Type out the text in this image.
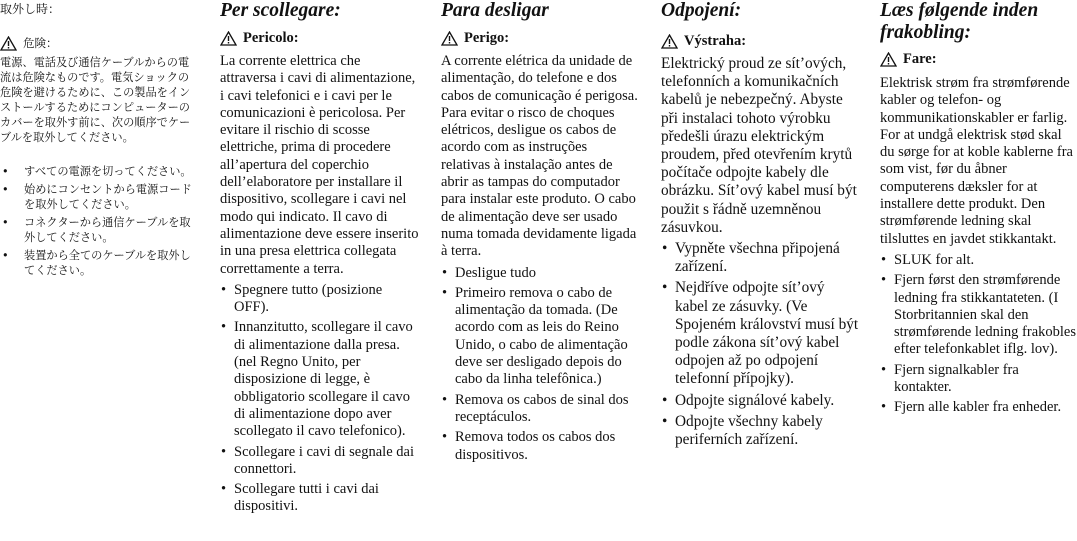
取外し時：
危険：
電源、電話及び通信ケーブルからの電流は危険なものです。電気ショックの危険を避けるために、この製品をインストールするためにコンピューターのカバーを取外す前に、次の順序でケーブルを取外してください。
• すべての電源を切ってください。
• 始めにコンセントから電源コードを取外してください。
• コネクターから通信ケーブルを取外してください。
• 装置から全てのケーブルを取外してください。
Per scollegare:
Pericolo:
La corrente elettrica che attraversa i cavi di alimentazione, i cavi telefonici e i cavi per le comunicazioni è pericolosa. Per evitare il rischio di scosse elettriche, prima di procedere all’apertura del coperchio dell’elaboratore per installare il dispositivo, scollegare i cavi nel modo qui indicato. Il cavo di alimentazione deve essere inserito in una presa elettrica collegata correttamente a terra.
• Spegnere tutto (posizione OFF).
• Innanzitutto, scollegare il cavo di alimentazione dalla presa. (nel Regno Unito, per disposizione di legge, è obbligatorio scollegare il cavo di alimentazione dopo aver scollegato il cavo telefonico).
• Scollegare i cavi di segnale dai connettori.
• Scollegare tutti i cavi dai dispositivi.
Para desligar
Perigo:
A corrente elétrica da unidade de alimentação, do telefone e dos cabos de comunicação é perigosa. Para evitar o risco de choques elétricos, desligue os cabos de acordo com as instruções relativas à instalação antes de abrir as tampas do computador para instalar este produto. O cabo de alimentação deve ser usado numa tomada devidamente ligada à terra.
• Desligue tudo
• Primeiro remova o cabo de alimentação da tomada. (De acordo com as leis do Reino Unido, o cabo de alimentação deve ser desligado depois do cabo da linha telefônica.)
• Remova os cabos de sinal dos receptáculos.
• Remova todos os cabos dos dispositivos.
Odpojení:
Výstraha:
Elektrický proud ze sít’ových, telefonních a komunikačních kabelů je nebezpečný. Abyste při instalaci tohoto výrobku předešli úrazu elektrickým proudem, před otevřením krytů počítače odpojte kabely dle obrázku. Sít’ový kabel musí být použit s řádně uzemněnou zásuvkou.
• Vypněte všechna připojená zařízení.
• Nejdříve odpojte sít’ový kabel ze zásuvky. (Ve Spojeném království musí být podle zákona sít’ový kabel odpojen až po odpojení telefonní přípojky).
• Odpojte signálové kabely.
• Odpojte všechny kabely periferních zařízení.
Læs følgende inden frakobling:
Fare:
Elektrisk strøm fra strømførende kabler og telefon- og kommunikationskabler er farlig. For at undgå elektrisk stød skal du sørge for at koble kablerne fra som vist, før du åbner computerens dæksler for at installere dette produkt. Den strømførende ledning skal tilsluttes en javdet stikkantakt.
• SLUK for alt.
• Fjern først den strømførende ledning fra stikkantateten. (I Storbritannien skal den strømførende ledning frakobles efter telefonkablet iflg. lov).
• Fjern signalkabler fra kontakter.
• Fjern alle kabler fra enheder.
